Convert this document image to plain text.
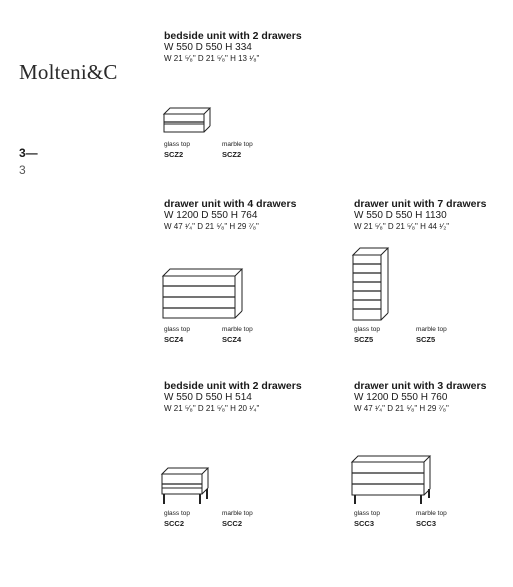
Molteni&C
3—
3
bedside unit with 2 drawers
W 550 D 550 H 334
W 21 ⁵⁄₈" D 21 ⁵⁄₈" H 13 ¹⁄₈"
glass top
SCZ2
marble top
SCZ2
drawer unit with 4 drawers
W 1200 D 550 H 764
W 47 ¹⁄₄" D 21 ⁵⁄₈" H 29 ⁷⁄₈"
glass top
SCZ4
marble top
SCZ4
drawer unit with 7 drawers
W 550 D 550 H 1130
W 21 ⁵⁄₈" D 21 ⁵⁄₈" H 44 ¹⁄₂"
glass top
SCZ5
marble top
SCZ5
bedside unit with 2 drawers
W 550 D 550 H 514
W 21 ⁵⁄₈" D 21 ⁵⁄₈" H 20 ¹⁄₄"
glass top
SCC2
marble top
SCC2
drawer unit with 3 drawers
W 1200 D 550 H 760
W 47 ¹⁄₄" D 21 ⁵⁄₈" H 29 ⁷⁄₈"
glass top
SCC3
marble top
SCC3
